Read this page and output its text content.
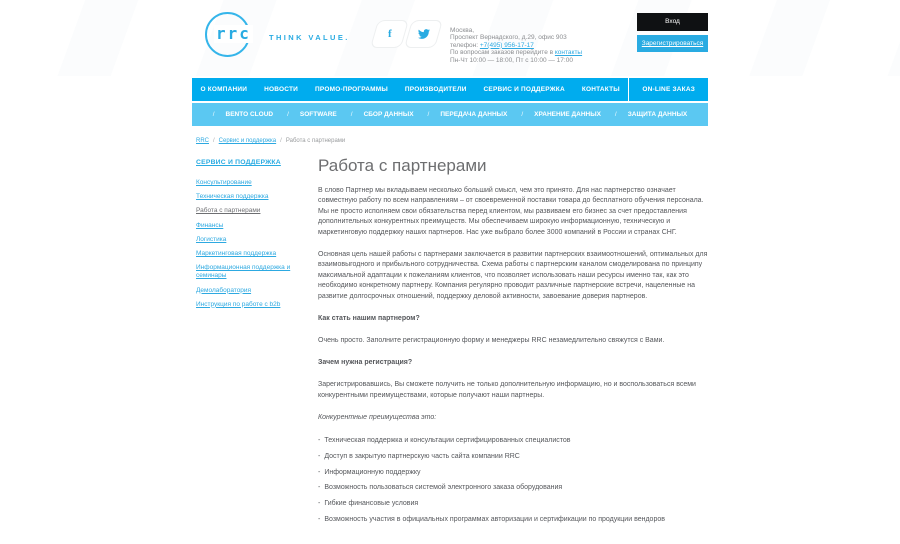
rrc THINK VALUE.	f	Москва,
Проспект Вернадского, д.29, офис 903
телефон: +7(495) 956-17-17
По вопросам заказов перейдите в контакты
Пн-Чт 10:00 — 18:00, Пт с 10:00 — 17:00
Вход
Зарегистрироваться
О КОМПАНИИ	НОВОСТИ	ПРОМО-ПРОГРАММЫ	ПРОИЗВОДИТЕЛИ	СЕРВИС И ПОДДЕРЖКА	КОНТАКТЫ	ON-LINE ЗАКАЗ
/ BENTO CLOUD	/ SOFTWARE	/ СБОР ДАННЫХ	/ ПЕРЕДАЧА ДАННЫХ	/ ХРАНЕНИЕ ДАННЫХ	/ ЗАЩИТА ДАННЫХ
RRC / Сервис и поддержка / Работа с партнерами
СЕРВИС И ПОДДЕРЖКА
Консультирование
Техническая поддержка
Работа с партнерами
Финансы
Логистика
Маркетинговая поддержка
Информационная поддержка и семинары
Демолаборатория
Инструкция по работе с b2b
Работа с партнерами

В слово Партнер мы вкладываем несколько больший смысл, чем это принято. Для нас партнерство означает совместную работу по всем направлениям – от своевременной поставки товара до бесплатного обучения персонала. Мы не просто исполняем свои обязательства перед клиентом, мы развиваем его бизнес за счет предоставления дополнительных конкурентных преимуществ. Мы обеспечиваем широкую информационную, техническую и маркетинговую поддержку наших партнеров. Нас уже выбрало более 3000 компаний в России и странах СНГ.

Основная цель нашей работы с партнерами заключается в развитии партнерских взаимоотношений, оптимальных для взаимовыгодного и прибыльного сотрудничества. Схема работы с партнерским каналом смоделирована по принципу максимальной адаптации к пожеланиям клиентов, что позволяет использовать наши ресурсы именно так, как это необходимо конкретному партнеру. Компания регулярно проводит различные партнерские встречи, нацеленные на развитие долгосрочных отношений, поддержку деловой активности, завоевание доверия партнеров.

Как стать нашим партнером?

Очень просто. Заполните регистрационную форму и менеджеры RRC незамедлительно свяжутся с Вами.

Зачем нужна регистрация?

Зарегистрировавшись, Вы сможете получить не только дополнительную информацию, но и воспользоваться всеми конкурентными преимуществами, которые получают наши партнеры.

Конкурентные преимущества это:

- Техническая поддержка и консультации сертифицированных специалистов
- Доступ в закрытую партнерскую часть сайта компании RRC
- Информационную поддержку
- Возможность пользоваться системой электронного заказа оборудования
- Гибкие финансовые условия
- Возможность участия в официальных программах авторизации и сертификации по продукции вендоров
